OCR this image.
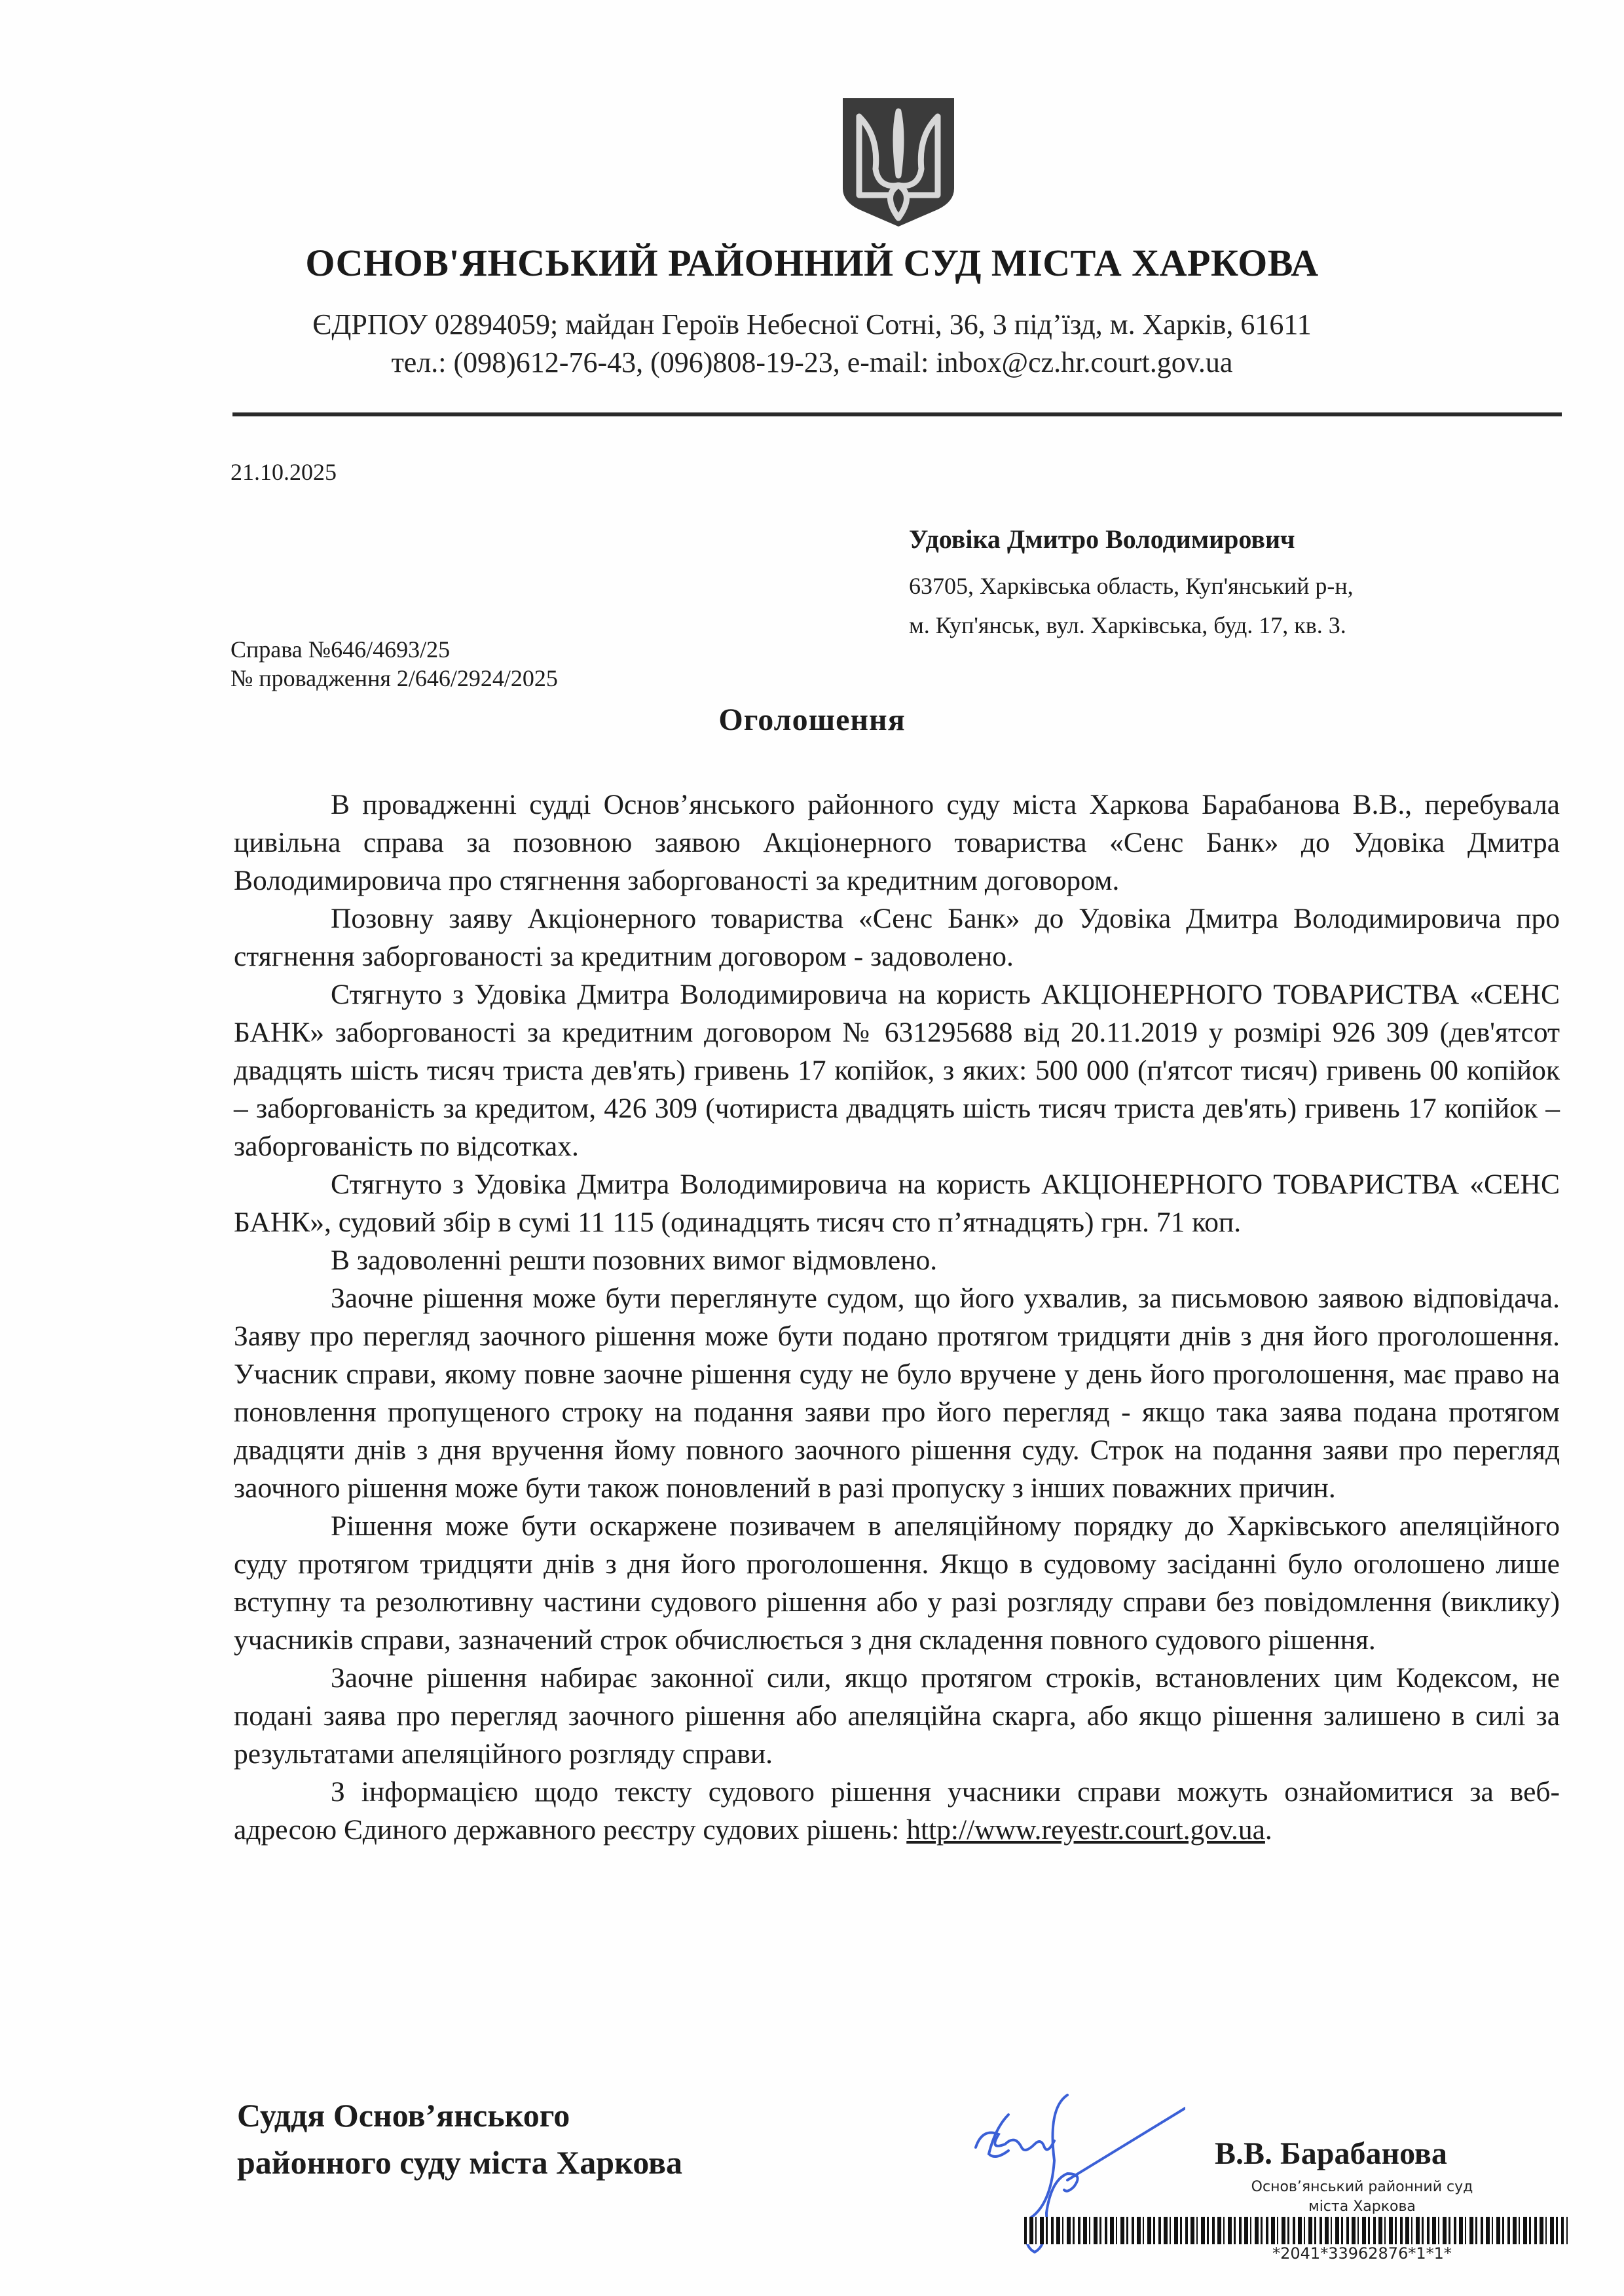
ОСНОВ'ЯНСЬКИЙ РАЙОННИЙ СУД МІСТА ХАРКОВА
ЄДРПОУ 02894059; майдан Героїв Небесної Сотні, 36, 3 під’їзд, м. Харків, 61611
тел.: (098)612-76-43, (096)808-19-23, e-mail: inbox@cz.hr.court.gov.ua
21.10.2025
Удовіка Дмитро Володимирович
63705, Харківська область, Куп'янський р-н,
м. Куп'янськ, вул. Харківська, буд. 17, кв. 3.
Справа №646/4693/25
№ провадження 2/646/2924/2025
Оголошення

В провадженні судді Основ’янського районного суду міста Харкова Барабанова В.В., перебувала цивільна справа за позовною заявою Акціонерного товариства «Сенс Банк» до Удовіка Дмитра Володимировича про стягнення заборгованості за кредитним договором.

Позовну заяву Акціонерного товариства «Сенс Банк» до Удовіка Дмитра Володимировича про стягнення заборгованості за кредитним договором - задоволено.

Стягнуто з Удовіка Дмитра Володимировича на користь АКЦІОНЕРНОГО ТОВАРИСТВА «СЕНС БАНК» заборгованості за кредитним договором № 631295688 від 20.11.2019 у розмірі 926 309 (дев'ятсот двадцять шість тисяч триста дев'ять) гривень 17 копійок, з яких: 500 000 (п'ятсот тисяч) гривень 00 копійок – заборгованість за кредитом, 426 309 (чотириста двадцять шість тисяч триста дев'ять) гривень 17 копійок – заборгованість по відсотках.

Стягнуто з Удовіка Дмитра Володимировича на користь АКЦІОНЕРНОГО ТОВАРИСТВА «СЕНС БАНК», судовий збір в сумі 11 115 (одинадцять тисяч сто п’ятнадцять) грн. 71 коп.

В задоволенні решти позовних вимог відмовлено.

Заочне рішення може бути переглянуте судом, що його ухвалив, за письмовою заявою відповідача. Заяву про перегляд заочного рішення може бути подано протягом тридцяти днів з дня його проголошення. Учасник справи, якому повне заочне рішення суду не було вручене у день його проголошення, має право на поновлення пропущеного строку на подання заяви про його перегляд - якщо така заява подана протягом двадцяти днів з дня вручення йому повного заочного рішення суду. Строк на подання заяви про перегляд заочного рішення може бути також поновлений в разі пропуску з інших поважних причин.

Рішення може бути оскаржене позивачем в апеляційному порядку до Харківського апеляційного суду протягом тридцяти днів з дня його проголошення. Якщо в судовому засіданні було оголошено лише вступну та резолютивну частини судового рішення або у разі розгляду справи без повідомлення (виклику) учасників справи, зазначений строк обчислюється з дня складення повного судового рішення.

Заочне рішення набирає законної сили, якщо протягом строків, встановлених цим Кодексом, не подані заява про перегляд заочного рішення або апеляційна скарга, або якщо рішення залишено в силі за результатами апеляційного розгляду справи.

З інформацією щодо тексту судового рішення учасники справи можуть ознайомитися за веб-адресою Єдиного державного реєстру судових рішень: http://www.reyestr.court.gov.ua.

Суддя Основ’янського
районного суду міста Харкова	В.В. Барабанова
Основ’янський районний суд
міста Харкова
*2041*33962876*1*1*
